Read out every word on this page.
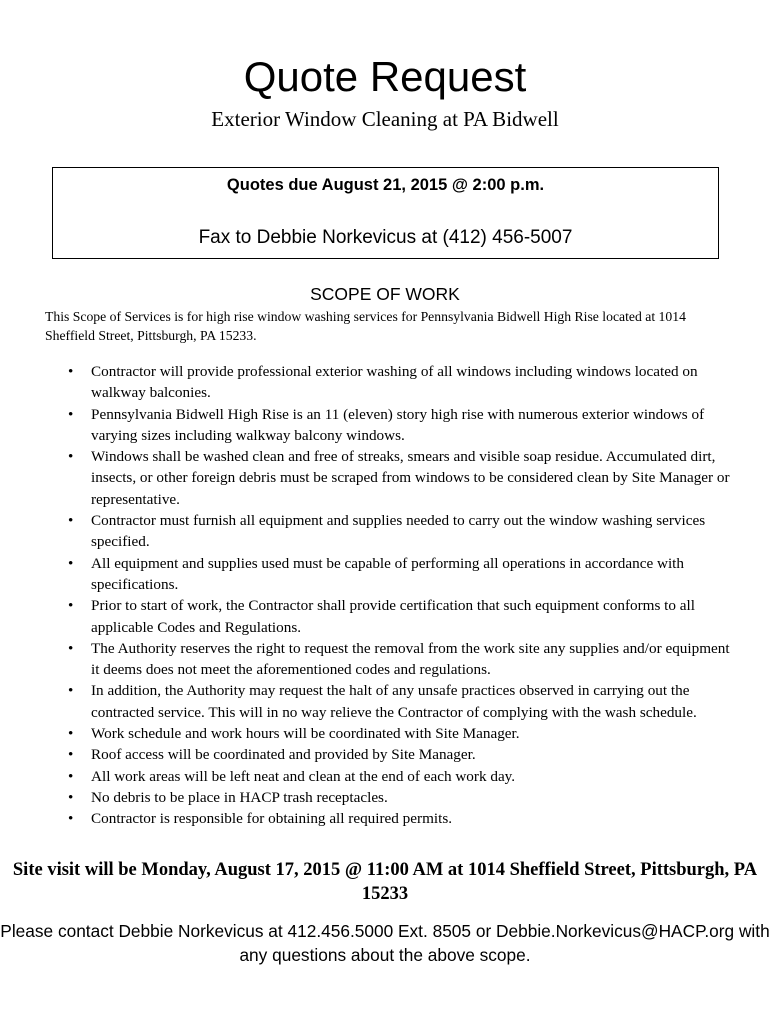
Quote Request
Exterior Window Cleaning at PA Bidwell
Quotes due August 21, 2015 @ 2:00 p.m.
Fax to Debbie Norkevicus at (412) 456-5007
SCOPE OF WORK
This Scope of Services is for high rise window washing services for Pennsylvania Bidwell High Rise located at 1014 Sheffield Street, Pittsburgh, PA 15233.
• Contractor will provide professional exterior washing of all windows including windows located on walkway balconies.
• Pennsylvania Bidwell High Rise is an 11 (eleven) story high rise with numerous exterior windows of varying sizes including walkway balcony windows.
• Windows shall be washed clean and free of streaks, smears and visible soap residue. Accumulated dirt, insects, or other foreign debris must be scraped from windows to be considered clean by Site Manager or representative.
• Contractor must furnish all equipment and supplies needed to carry out the window washing services specified.
• All equipment and supplies used must be capable of performing all operations in accordance with specifications.
• Prior to start of work, the Contractor shall provide certification that such equipment conforms to all applicable Codes and Regulations.
• The Authority reserves the right to request the removal from the work site any supplies and/or equipment it deems does not meet the aforementioned codes and regulations.
• In addition, the Authority may request the halt of any unsafe practices observed in carrying out the contracted service. This will in no way relieve the Contractor of complying with the wash schedule.
• Work schedule and work hours will be coordinated with Site Manager.
• Roof access will be coordinated and provided by Site Manager.
• All work areas will be left neat and clean at the end of each work day.
• No debris to be place in HACP trash receptacles.
• Contractor is responsible for obtaining all required permits.
Site visit will be Monday, August 17, 2015 @ 11:00 AM at 1014 Sheffield Street, Pittsburgh, PA 15233
Please contact Debbie Norkevicus at 412.456.5000 Ext. 8505 or Debbie.Norkevicus@HACP.org with any questions about the above scope.
